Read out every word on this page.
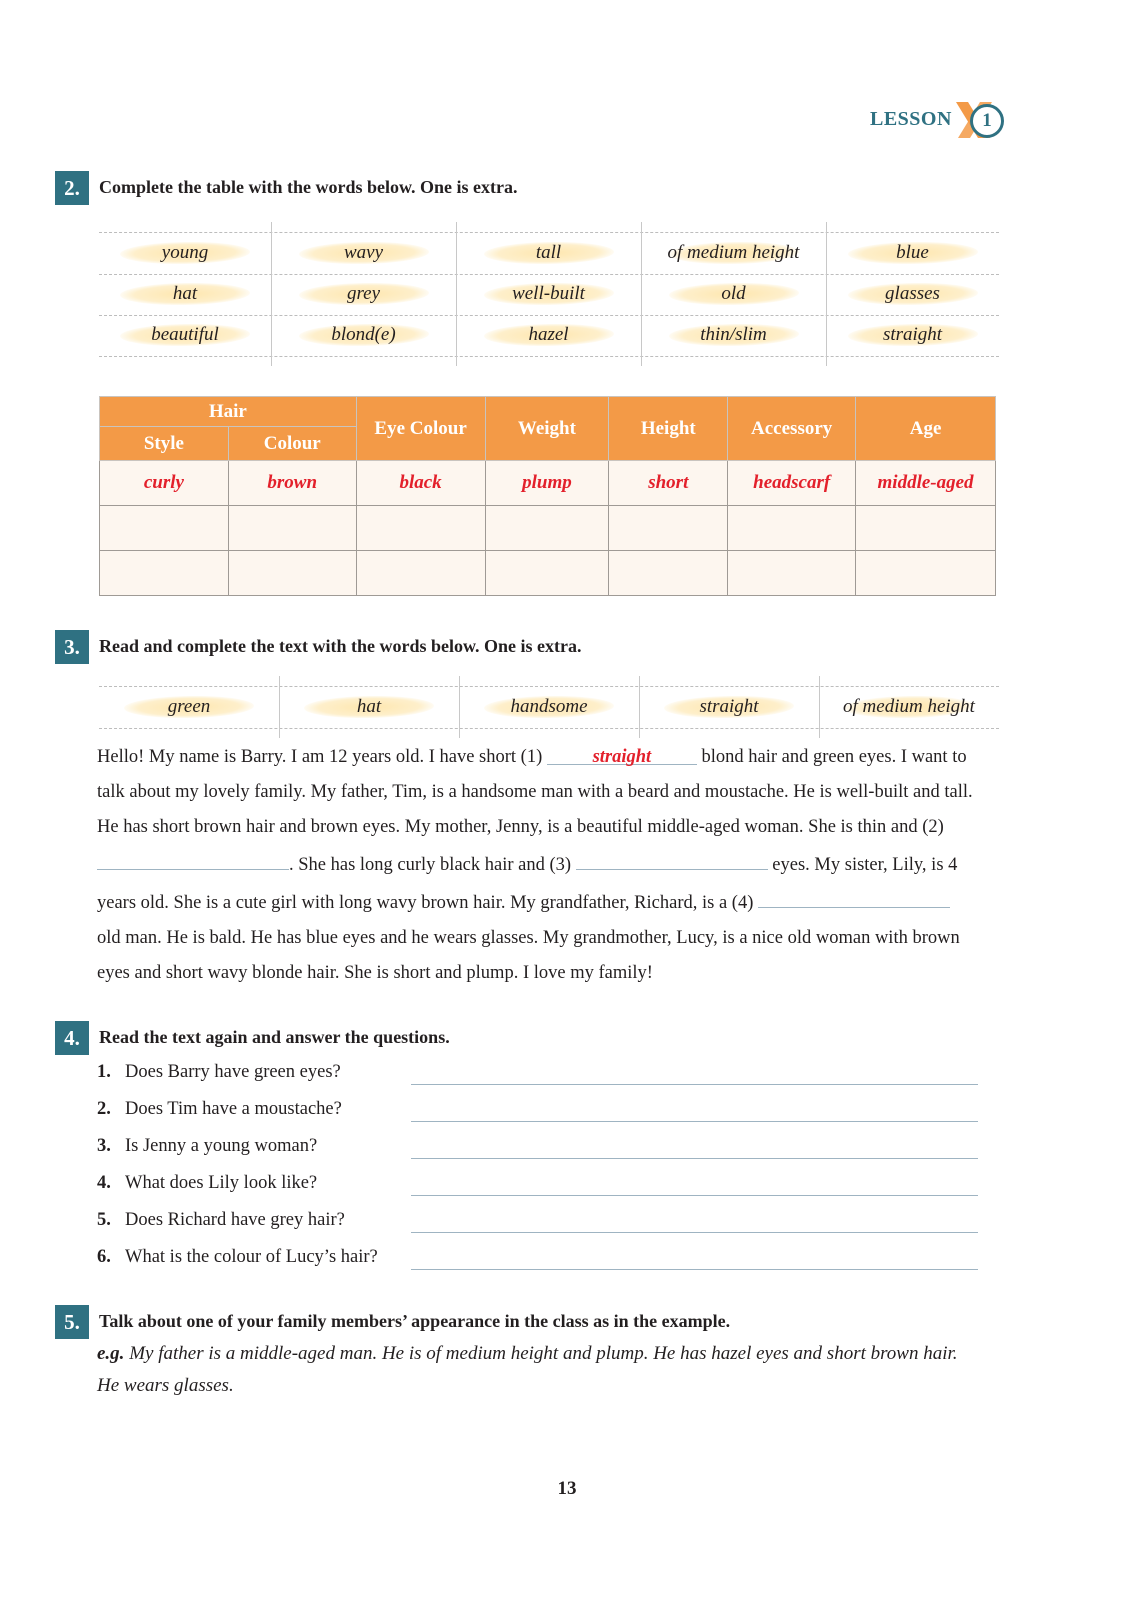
LESSON	1
2.	Complete the table with the words below. One is extra.
young	wavy	tall	of medium height	blue
hat	grey	well-built	old	glasses
beautiful	blond(e)	hazel	thin/slim	straight
Hair		Eye Colour	Weight	Height	Accessory	Age
Style	Colour					
curly	brown	black	plump	short	headscarf	middle-aged

3.	Read and complete the text with the words below. One is extra.
green	hat	handsome	straight	of medium height
Hello! My name is Barry. I am 12 years old. I have short (1) straight blond hair and green eyes. I want to talk about my lovely family. My father, Tim, is a handsome man with a beard and moustache. He is well-built and tall. He has short brown hair and brown eyes. My mother, Jenny, is a beautiful middle-aged woman. She is thin and (2) . She has long curly black hair and (3)	eyes. My sister, Lily, is 4 years old. She is a cute girl with long wavy brown hair. My grandfather, Richard, is a (4)  old man. He is bald. He has blue eyes and he wears glasses. My grandmother, Lucy, is a nice old woman with brown eyes and short wavy blonde hair. She is short and plump. I love my family!
4.	Read the text again and answer the questions.
1. Does Barry have green eyes?
2. Does Tim have a moustache?
3. Is Jenny a young woman?
4. What does Lily look like?
5. Does Richard have grey hair?
6. What is the colour of Lucy’s hair?
5.	Talk about one of your family members’ appearance in the class as in the example.
e.g. My father is a middle-aged man. He is of medium height and plump. He has hazel eyes and short brown hair. He wears glasses.
13
